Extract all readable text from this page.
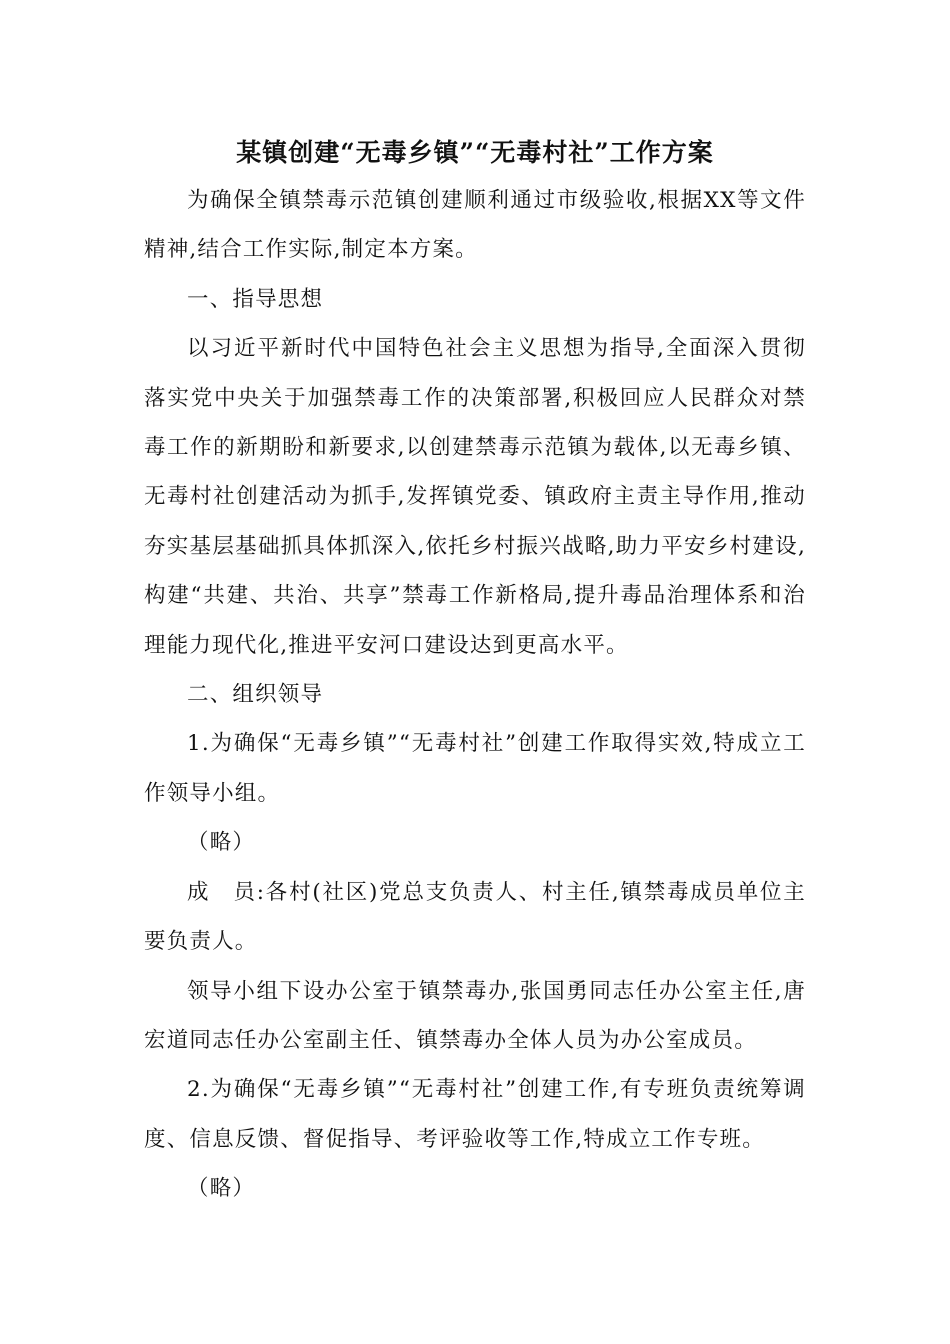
某镇创建“无毒乡镇”“无毒村社”工作方案

为确保全镇禁毒示范镇创建顺利通过市级验收,根据XX等文件精神,结合工作实际,制定本方案。

一、指导思想

以习近平新时代中国特色社会主义思想为指导,全面深入贯彻落实党中央关于加强禁毒工作的决策部署,积极回应人民群众对禁毒工作的新期盼和新要求,以创建禁毒示范镇为载体,以无毒乡镇、无毒村社创建活动为抓手,发挥镇党委、镇政府主责主导作用,推动夯实基层基础抓具体抓深入,依托乡村振兴战略,助力平安乡村建设,构建“共建、共治、共享”禁毒工作新格局,提升毒品治理体系和治理能力现代化,推进平安河口建设达到更高水平。

二、组织领导

1.为确保“无毒乡镇”“无毒村社”创建工作取得实效,特成立工作领导小组。

（略）

成　员:各村(社区)党总支负责人、村主任,镇禁毒成员单位主要负责人。

领导小组下设办公室于镇禁毒办,张国勇同志任办公室主任,唐宏道同志任办公室副主任、镇禁毒办全体人员为办公室成员。

2.为确保“无毒乡镇”“无毒村社”创建工作,有专班负责统筹调度、信息反馈、督促指导、考评验收等工作,特成立工作专班。

（略）
